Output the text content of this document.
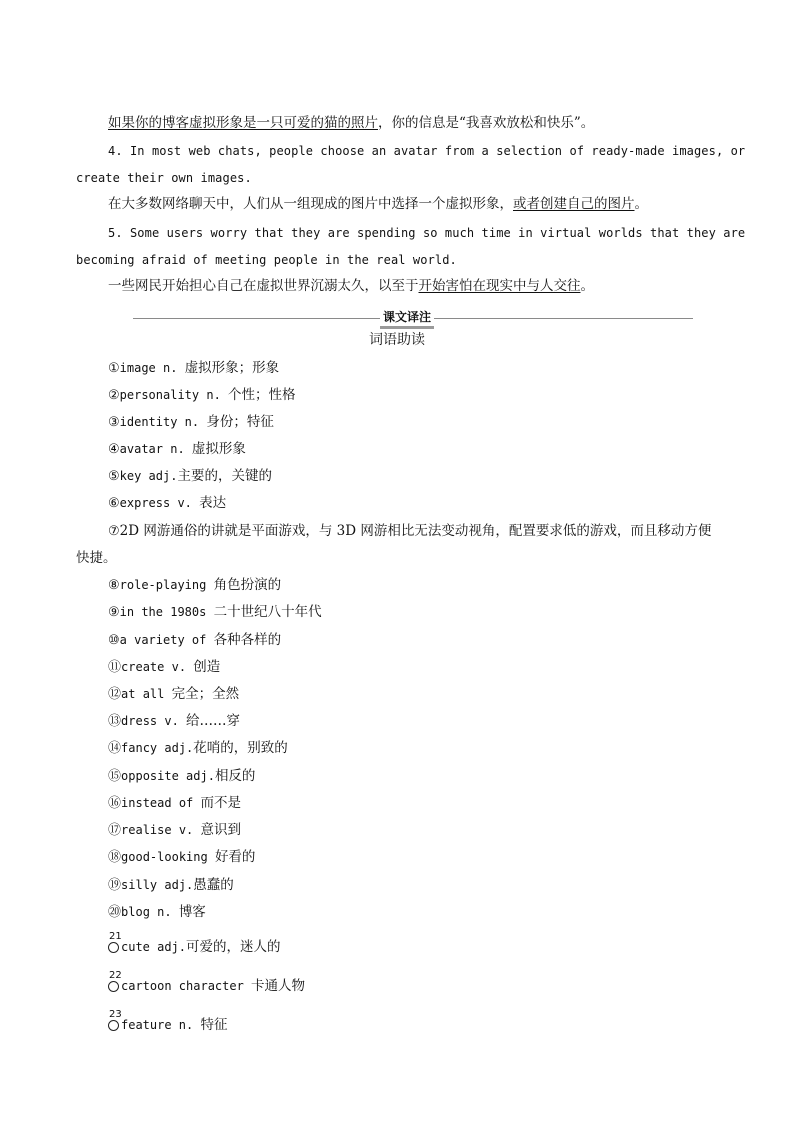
如果你的博客虚拟形象是一只可爱的猫的照片，你的信息是“我喜欢放松和快乐”。
4. In most web chats, people choose an avatar from a selection of ready-made images, or
create their own images.
在大多数网络聊天中，人们从一组现成的图片中选择一个虚拟形象，或者创建自己的图片。
5. Some users worry that they are spending so much time in virtual worlds that they are
becoming afraid of meeting people in the real world.
一些网民开始担心自己在虚拟世界沉溺太久，以至于开始害怕在现实中与人交往。
课文译注
词语助读
①image n. 虚拟形象；形象
②personality n. 个性；性格
③identity n. 身份；特征
④avatar n. 虚拟形象
⑤key adj.主要的，关键的
⑥express v. 表达
⑦2D 网游通俗的讲就是平面游戏，与 3D 网游相比无法变动视角，配置要求低的游戏，而且移动方便
快捷。
⑧role-playing 角色扮演的
⑨in the 1980s 二十世纪八十年代
⑩a variety of 各种各样的
⑪create v. 创造
⑫at all 完全；全然
⑬dress v. 给……穿
⑭fancy adj.花哨的，别致的
⑮opposite adj.相反的
⑯instead of 而不是
⑰realise v. 意识到
⑱good-looking 好看的
⑲silly adj.愚蠢的
⑳blog n. 博客
21
cute adj.可爱的，迷人的
22
cartoon character 卡通人物
23
feature n. 特征
